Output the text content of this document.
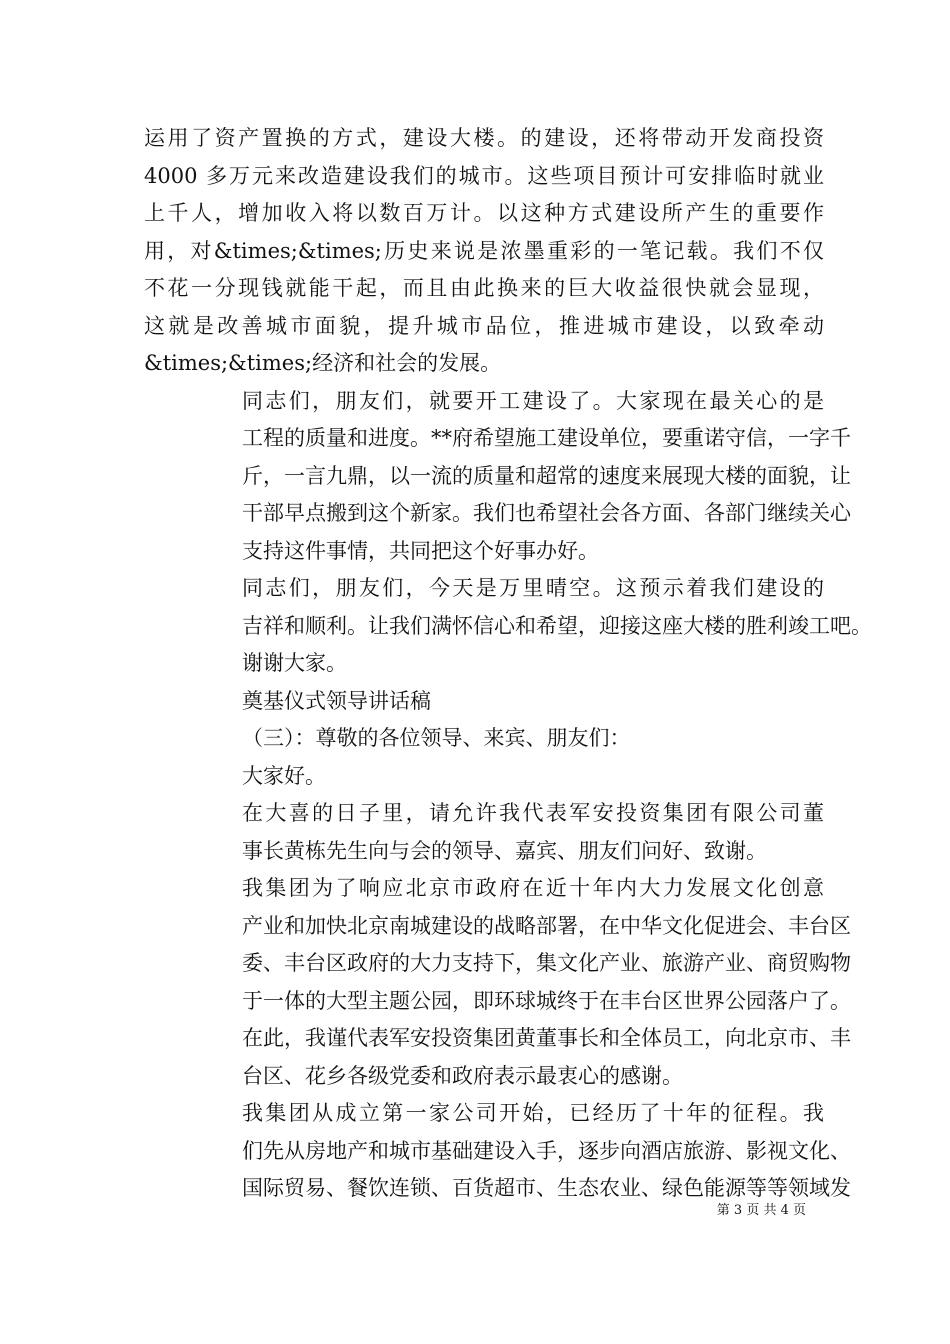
运用了资产置换的方式，建设大楼。的建设，还将带动开发商投资
4000 多万元来改造建设我们的城市。这些项目预计可安排临时就业
上千人，增加收入将以数百万计。以这种方式建设所产生的重要作
用，对&times;&times;历史来说是浓墨重彩的一笔记载。我们不仅
不花一分现钱就能干起，而且由此换来的巨大收益很快就会显现，
这就是改善城市面貌，提升城市品位，推进城市建设，以致牵动
&times;&times;经济和社会的发展。

同志们，朋友们，就要开工建设了。大家现在最关心的是
工程的质量和进度。**府希望施工建设单位，要重诺守信，一字千
斤，一言九鼎，以一流的质量和超常的速度来展现大楼的面貌，让
干部早点搬到这个新家。我们也希望社会各方面、各部门继续关心
支持这件事情，共同把这个好事办好。

同志们，朋友们，今天是万里晴空。这预示着我们建设的
吉祥和顺利。让我们满怀信心和希望，迎接这座大楼的胜利竣工吧。

谢谢大家。

奠基仪式领导讲话稿

（三）：尊敬的各位领导、来宾、朋友们：

大家好。

在大喜的日子里，请允许我代表军安投资集团有限公司董
事长黄栋先生向与会的领导、嘉宾、朋友们问好、致谢。

我集团为了响应北京市政府在近十年内大力发展文化创意
产业和加快北京南城建设的战略部署，在中华文化促进会、丰台区
委、丰台区政府的大力支持下，集文化产业、旅游产业、商贸购物
于一体的大型主题公园，即环球城终于在丰台区世界公园落户了。
在此，我谨代表军安投资集团黄董事长和全体员工，向北京市、丰
台区、花乡各级党委和政府表示最衷心的感谢。

我集团从成立第一家公司开始，已经历了十年的征程。我
们先从房地产和城市基础建设入手，逐步向酒店旅游、影视文化、
国际贸易、餐饮连锁、百货超市、生态农业、绿色能源等等领域发

第 3 页 共 4 页
